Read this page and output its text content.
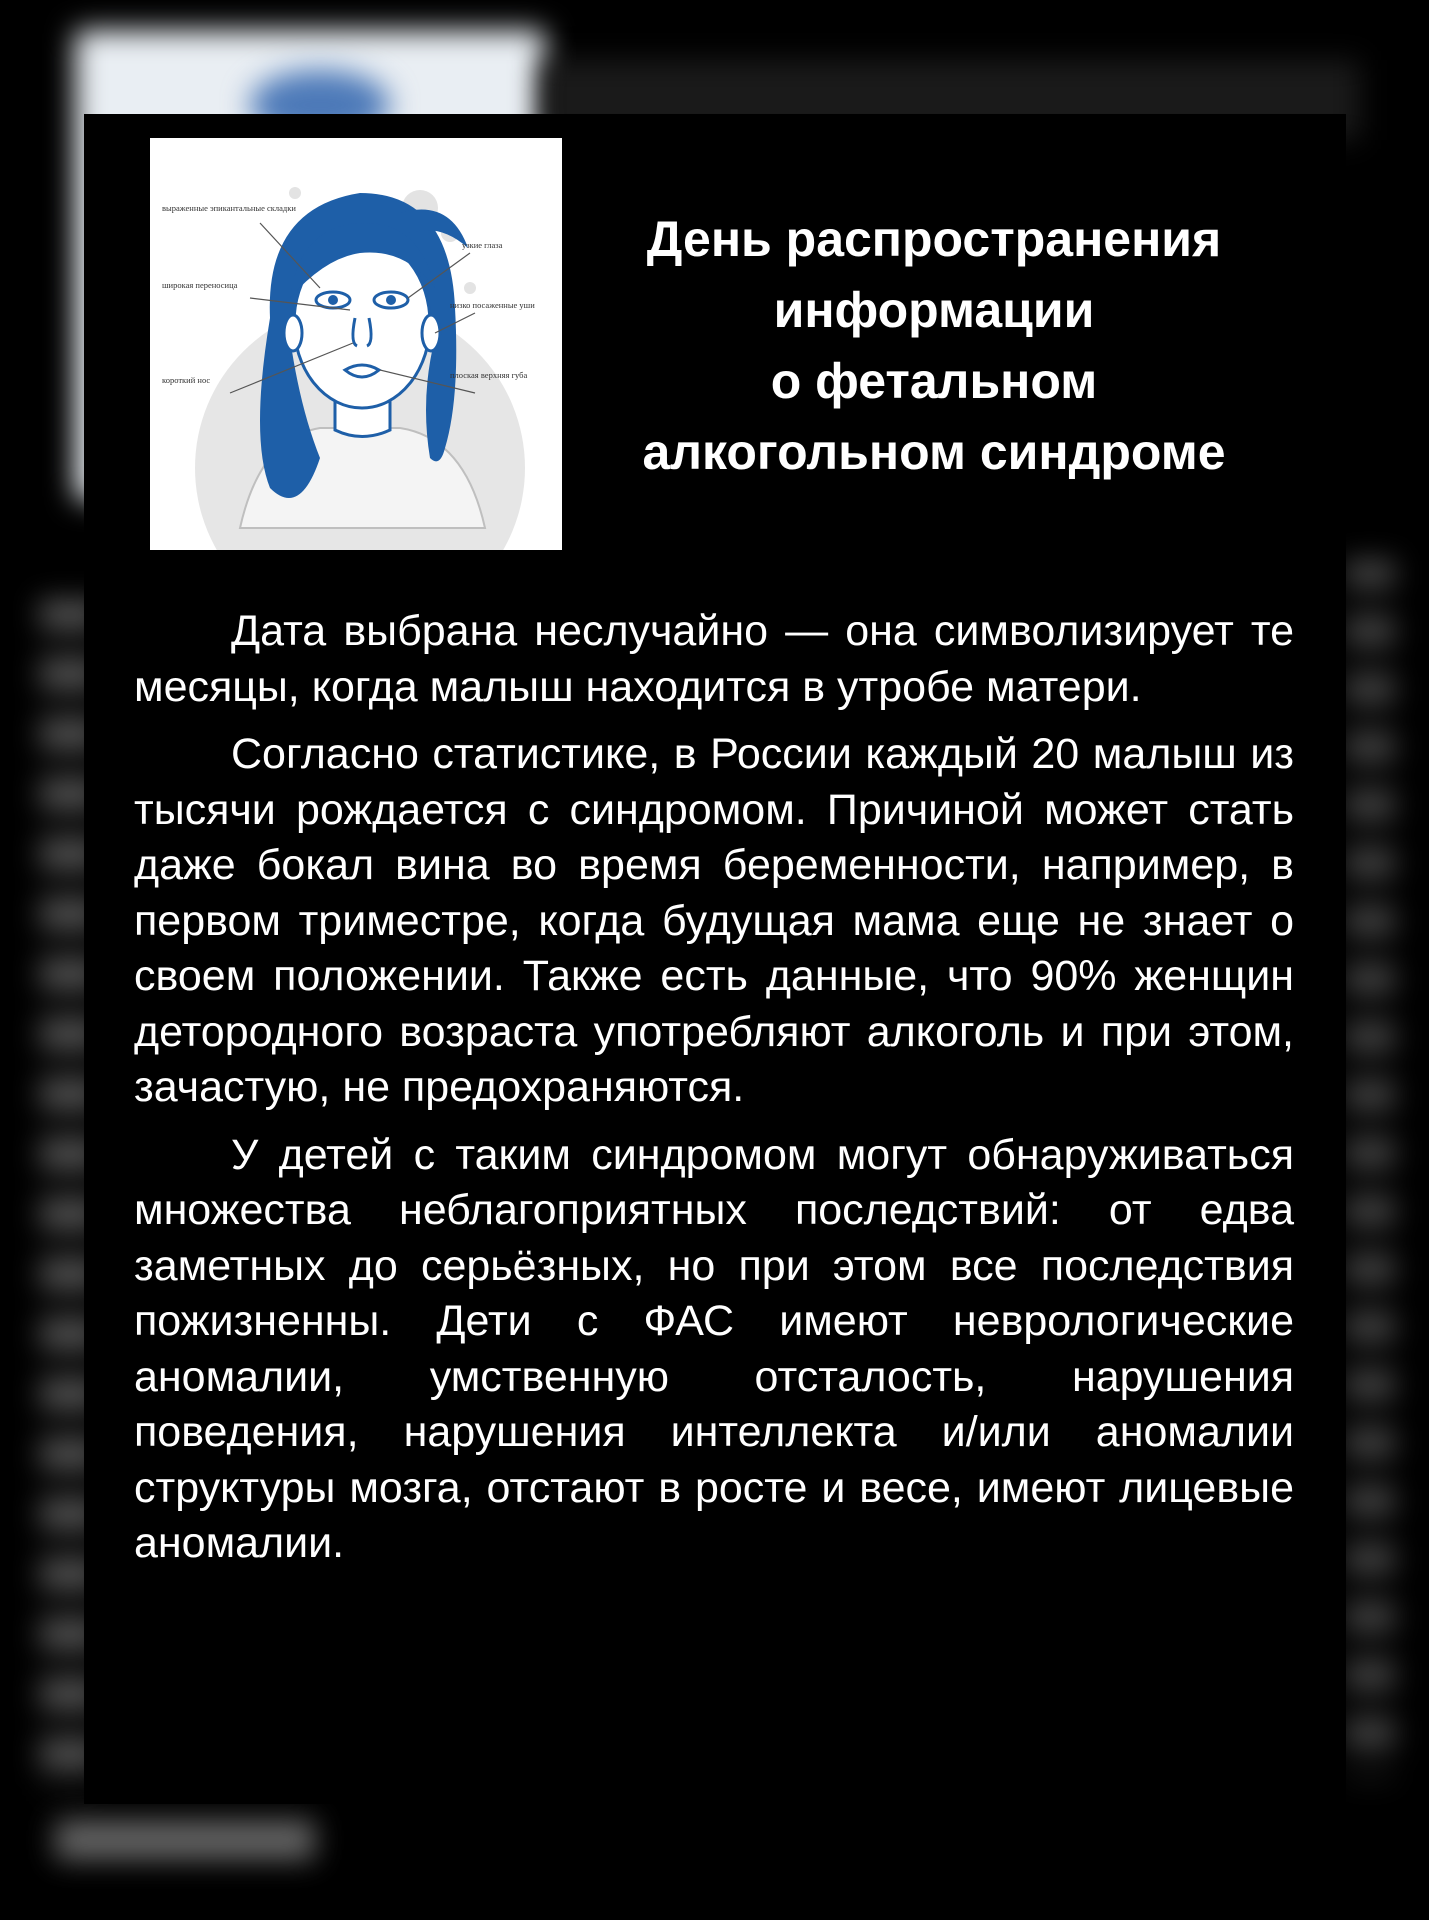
выраженные эпикантальные складки
широкая переносица
короткий нос
узкие глаза
низко посаженные уши
плоская верхняя губа
День распространения
информации
о фетальном
алкогольном синдроме

Дата выбрана неслучайно — она символизирует те месяцы, когда малыш находится в утробе матери.

Согласно статистике, в России каждый 20 малыш из тысячи рождается с синдромом. Причиной может стать даже бокал вина во время беременности, например, в первом триместре, когда будущая мама еще не знает о своем положении. Также есть данные, что 90% женщин детородного возраста употребляют алкоголь и при этом, зачастую, не предохраняются.

У детей с таким синдромом могут обнаруживаться множества неблагоприятных последствий: от едва заметных до серьёзных, но при этом все последствия пожизненны. Дети с ФАС имеют неврологические аномалии, умственную отсталость, нарушения поведения, нарушения интеллекта и/или аномалии структуры мозга, отстают в росте и весе, имеют лицевые аномалии.
